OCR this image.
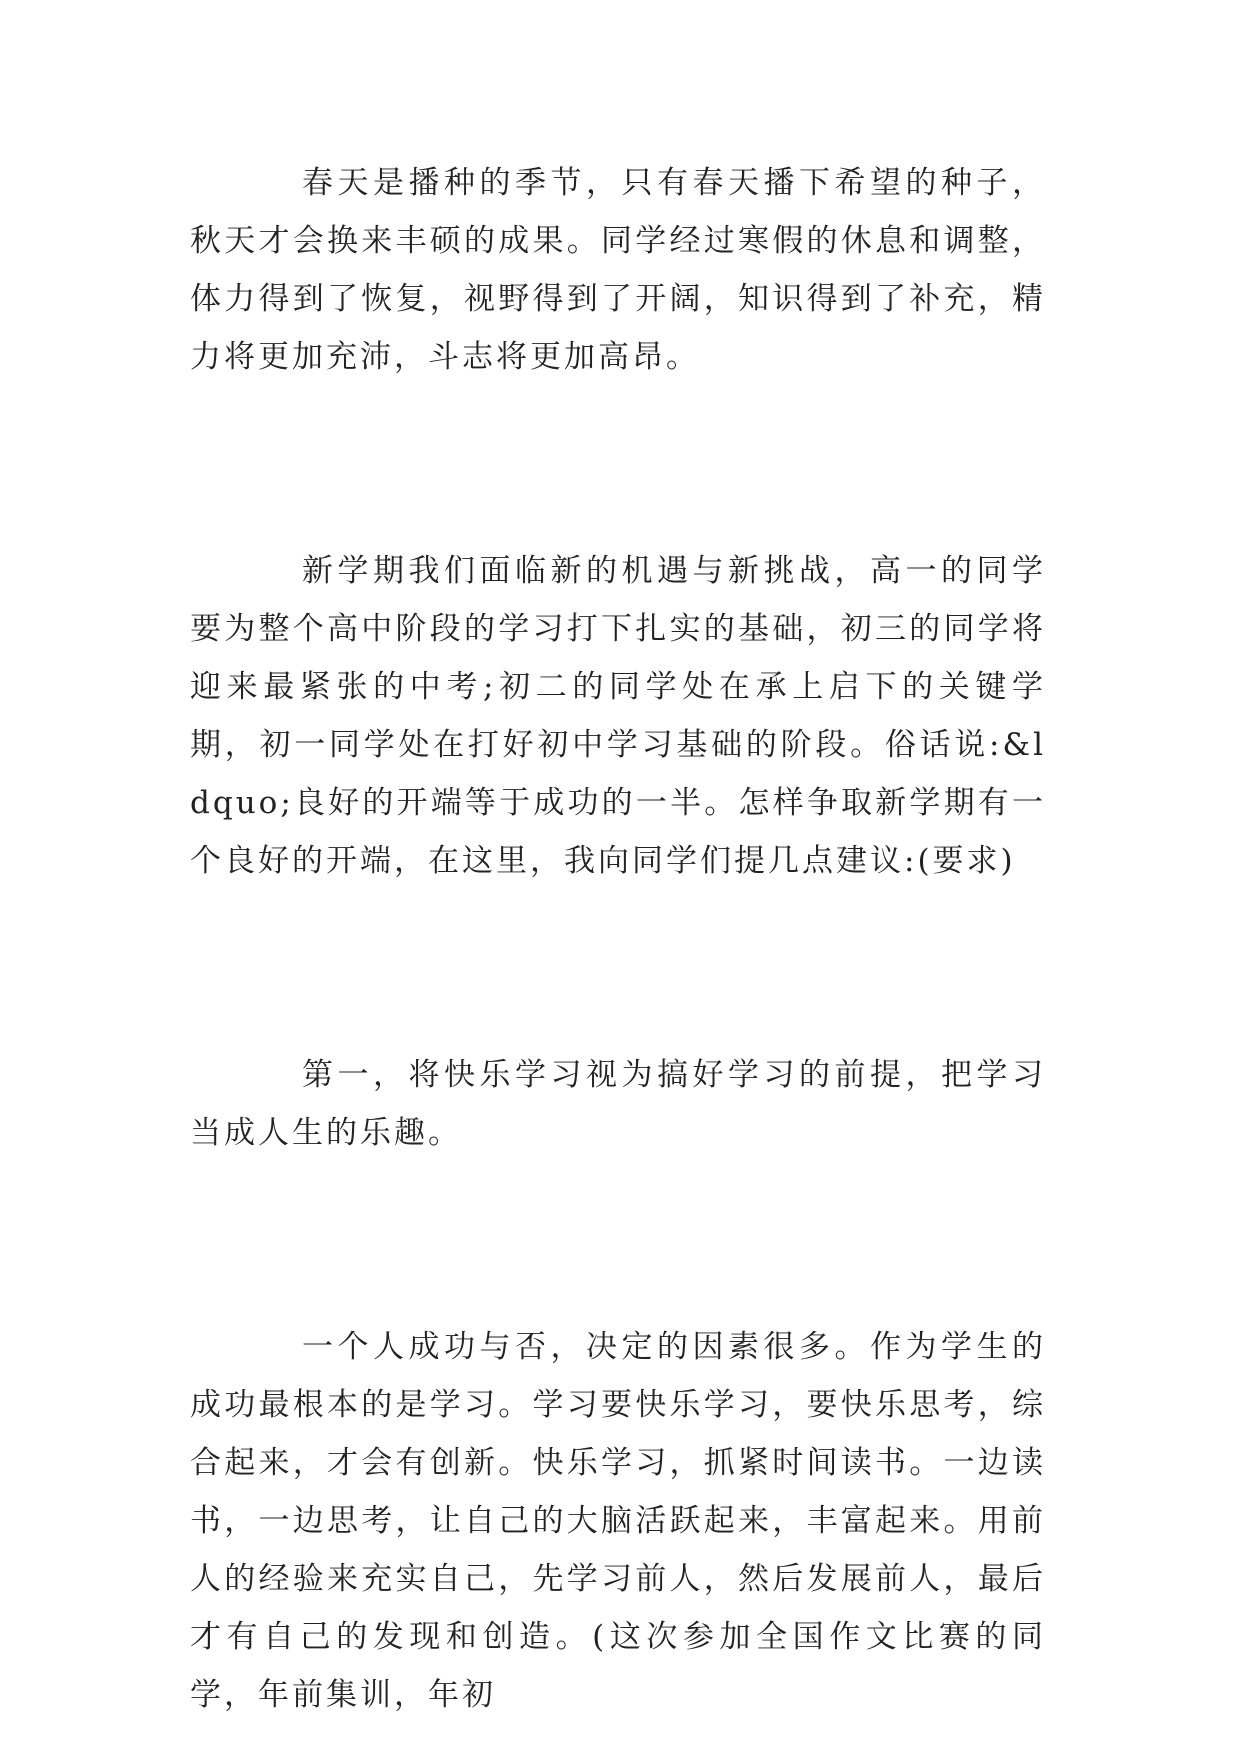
春天是播种的季节，只有春天播下希望的种子，秋天才会换来丰硕的成果。同学经过寒假的休息和调整，体力得到了恢复，视野得到了开阔，知识得到了补充，精力将更加充沛，斗志将更加高昂。

新学期我们面临新的机遇与新挑战，高一的同学要为整个高中阶段的学习打下扎实的基础，初三的同学将迎来最紧张的中考;初二的同学处在承上启下的关键学期，初一同学处在打好初中学习基础的阶段。俗话说:&ldquo;良好的开端等于成功的一半。怎样争取新学期有一个良好的开端，在这里，我向同学们提几点建议:(要求)

第一，将快乐学习视为搞好学习的前提，把学习当成人生的乐趣。

一个人成功与否，决定的因素很多。作为学生的成功最根本的是学习。学习要快乐学习，要快乐思考，综合起来，才会有创新。快乐学习，抓紧时间读书。一边读书，一边思考，让自己的大脑活跃起来，丰富起来。用前人的经验来充实自己，先学习前人，然后发展前人，最后才有自己的发现和创造。(这次参加全国作文比赛的同学，年前集训，年初
